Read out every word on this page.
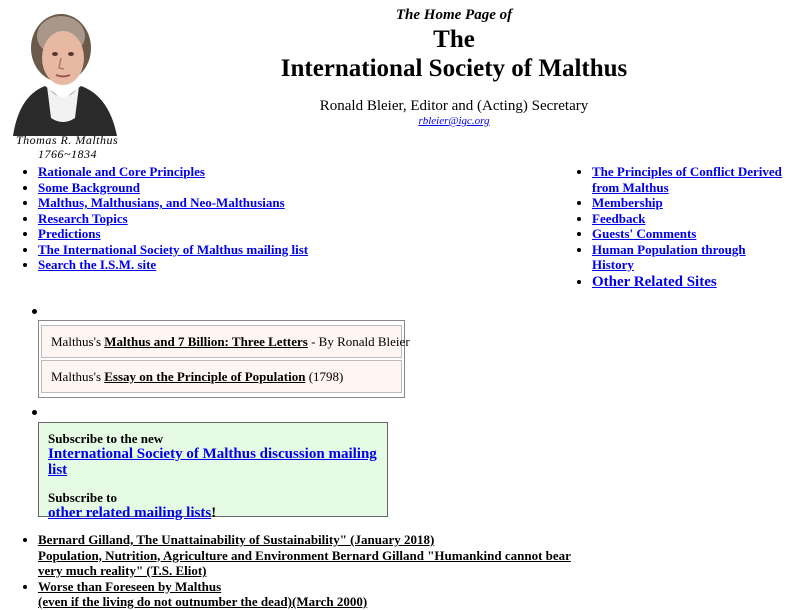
Thomas R. Malthus
1766~1834
The Home Page of
The
International Society of Malthus
Ronald Bleier, Editor and (Acting) Secretary
rbleier@igc.org
• Rationale and Core Principles
• Some Background
• Malthus, Malthusians, and Neo-Malthusians
• Research Topics
• Predictions
• The International Society of Malthus mailing list
• Search the I.S.M. site
• The Principles of Conflict Derived from Malthus
• Membership
• Feedback
• Guests' Comments
• Human Population through History
• Other Related Sites
Malthus's Malthus and 7 Billion: Three Letters - By Ronald Bleier
Malthus's Essay on the Principle of Population (1798)
Subscribe to the new
International Society of Malthus discussion mailing list
Subscribe to
other related mailing lists!
• Bernard Gilland, The Unattainability of Sustainability" (January 2018)
Population, Nutrition, Agriculture and Environment Bernard Gilland "Humankind cannot bear very much reality" (T.S. Eliot)
• Worse than Foreseen by Malthus
(even if the living do not outnumber the dead)(March 2000)
